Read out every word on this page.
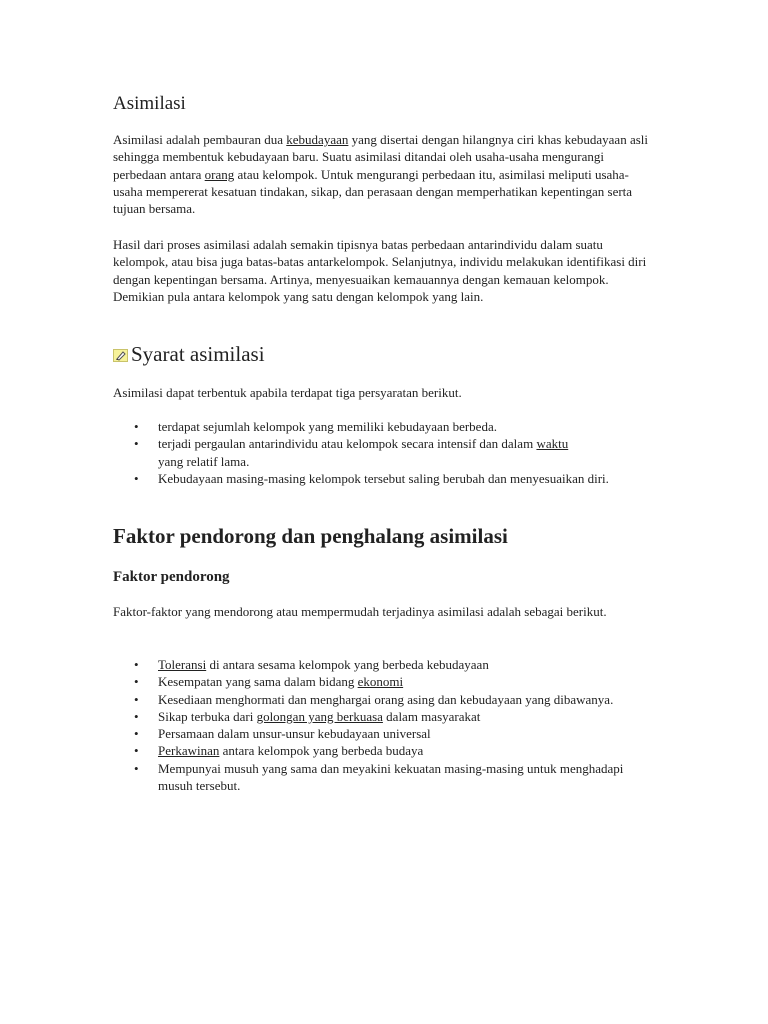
Asimilasi

Asimilasi adalah pembauran dua kebudayaan yang disertai dengan hilangnya ciri khas kebudayaan asli sehingga membentuk kebudayaan baru. Suatu asimilasi ditandai oleh usaha-usaha mengurangi perbedaan antara orang atau kelompok. Untuk mengurangi perbedaan itu, asimilasi meliputi usaha-usaha mempererat kesatuan tindakan, sikap, dan perasaan dengan memperhatikan kepentingan serta tujuan bersama.

Hasil dari proses asimilasi adalah semakin tipisnya batas perbedaan antarindividu dalam suatu kelompok, atau bisa juga batas-batas antarkelompok. Selanjutnya, individu melakukan identifikasi diri dengan kepentingan bersama. Artinya, menyesuaikan kemauannya dengan kemauan kelompok. Demikian pula antara kelompok yang satu dengan kelompok yang lain.

Syarat asimilasi

Asimilasi dapat terbentuk apabila terdapat tiga persyaratan berikut.

• terdapat sejumlah kelompok yang memiliki kebudayaan berbeda.
• terjadi pergaulan antarindividu atau kelompok secara intensif dan dalam waktu
yang relatif lama.
• Kebudayaan masing-masing kelompok tersebut saling berubah dan menyesuaikan diri.
Faktor pendorong dan penghalang asimilasi
Faktor pendorong

Faktor-faktor yang mendorong atau mempermudah terjadinya asimilasi adalah sebagai berikut.

• Toleransi di antara sesama kelompok yang berbeda kebudayaan
• Kesempatan yang sama dalam bidang ekonomi
• Kesediaan menghormati dan menghargai orang asing dan kebudayaan yang dibawanya.
• Sikap terbuka dari golongan yang berkuasa dalam masyarakat
• Persamaan dalam unsur-unsur kebudayaan universal
• Perkawinan antara kelompok yang berbeda budaya
• Mempunyai musuh yang sama dan meyakini kekuatan masing-masing untuk menghadapi musuh tersebut.
